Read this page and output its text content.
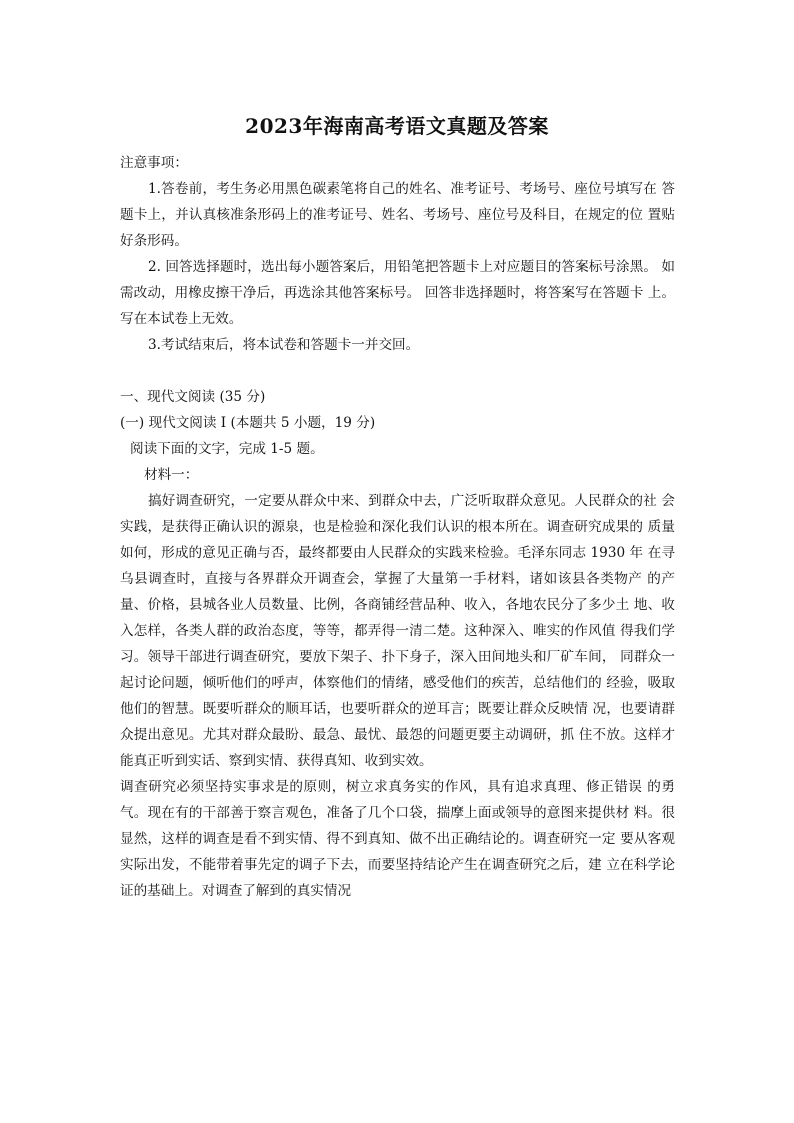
2023年海南高考语文真题及答案

注意事项：

1.答卷前，考生务必用黑色碳素笔将自己的姓名、准考证号、考场号、座位号填写在 答题卡上，并认真核准条形码上的准考证号、姓名、考场号、座位号及科目，在规定的位 置贴好条形码。

2. 回答选择题时，选出每小题答案后，用铅笔把答题卡上对应题目的答案标号涂黑。 如需改动，用橡皮擦干净后，再选涂其他答案标号。 回答非选择题时，将答案写在答题卡 上。写在本试卷上无效。

3.考试结束后，将本试卷和答题卡一并交回。

一、现代文阅读 (35 分)

(一) 现代文阅读 I (本题共 5 小题，19 分)

阅读下面的文字，完成 1-5 题。

材料一：

搞好调查研究，一定要从群众中来、到群众中去，广泛听取群众意见。人民群众的社 会实践，是获得正确认识的源泉，也是检验和深化我们认识的根本所在。调查研究成果的 质量如何，形成的意见正确与否，最终都要由人民群众的实践来检验。毛泽东同志 1930 年 在寻乌县调查时，直接与各界群众开调查会，掌握了大量第一手材料，诸如该县各类物产 的产量、价格，县城各业人员数量、比例，各商铺经营品种、收入，各地农民分了多少土 地、收入怎样，各类人群的政治态度，等等，都弄得一清二楚。这种深入、唯实的作风值 得我们学习。领导干部进行调查研究，要放下架子、扑下身子，深入田间地头和厂矿车间， 同群众一起讨论问题，倾听他们的呼声，体察他们的情绪，感受他们的疾苦，总结他们的 经验，吸取他们的智慧。既要听群众的顺耳话，也要听群众的逆耳言；既要让群众反映情 况，也要请群众提出意见。尤其对群众最盼、最急、最忧、最怨的问题更要主动调研，抓 住不放。这样才能真正听到实话、察到实情、获得真知、收到实效。

调查研究必须坚持实事求是的原则，树立求真务实的作风，具有追求真理、修正错误 的勇气。现在有的干部善于察言观色，准备了几个口袋，揣摩上面或领导的意图来提供材 料。很显然，这样的调查是看不到实情、得不到真知、做不出正确结论的。调查研究一定 要从客观实际出发，不能带着事先定的调子下去，而要坚持结论产生在调查研究之后，建 立在科学论证的基础上。对调查了解到的真实情况
